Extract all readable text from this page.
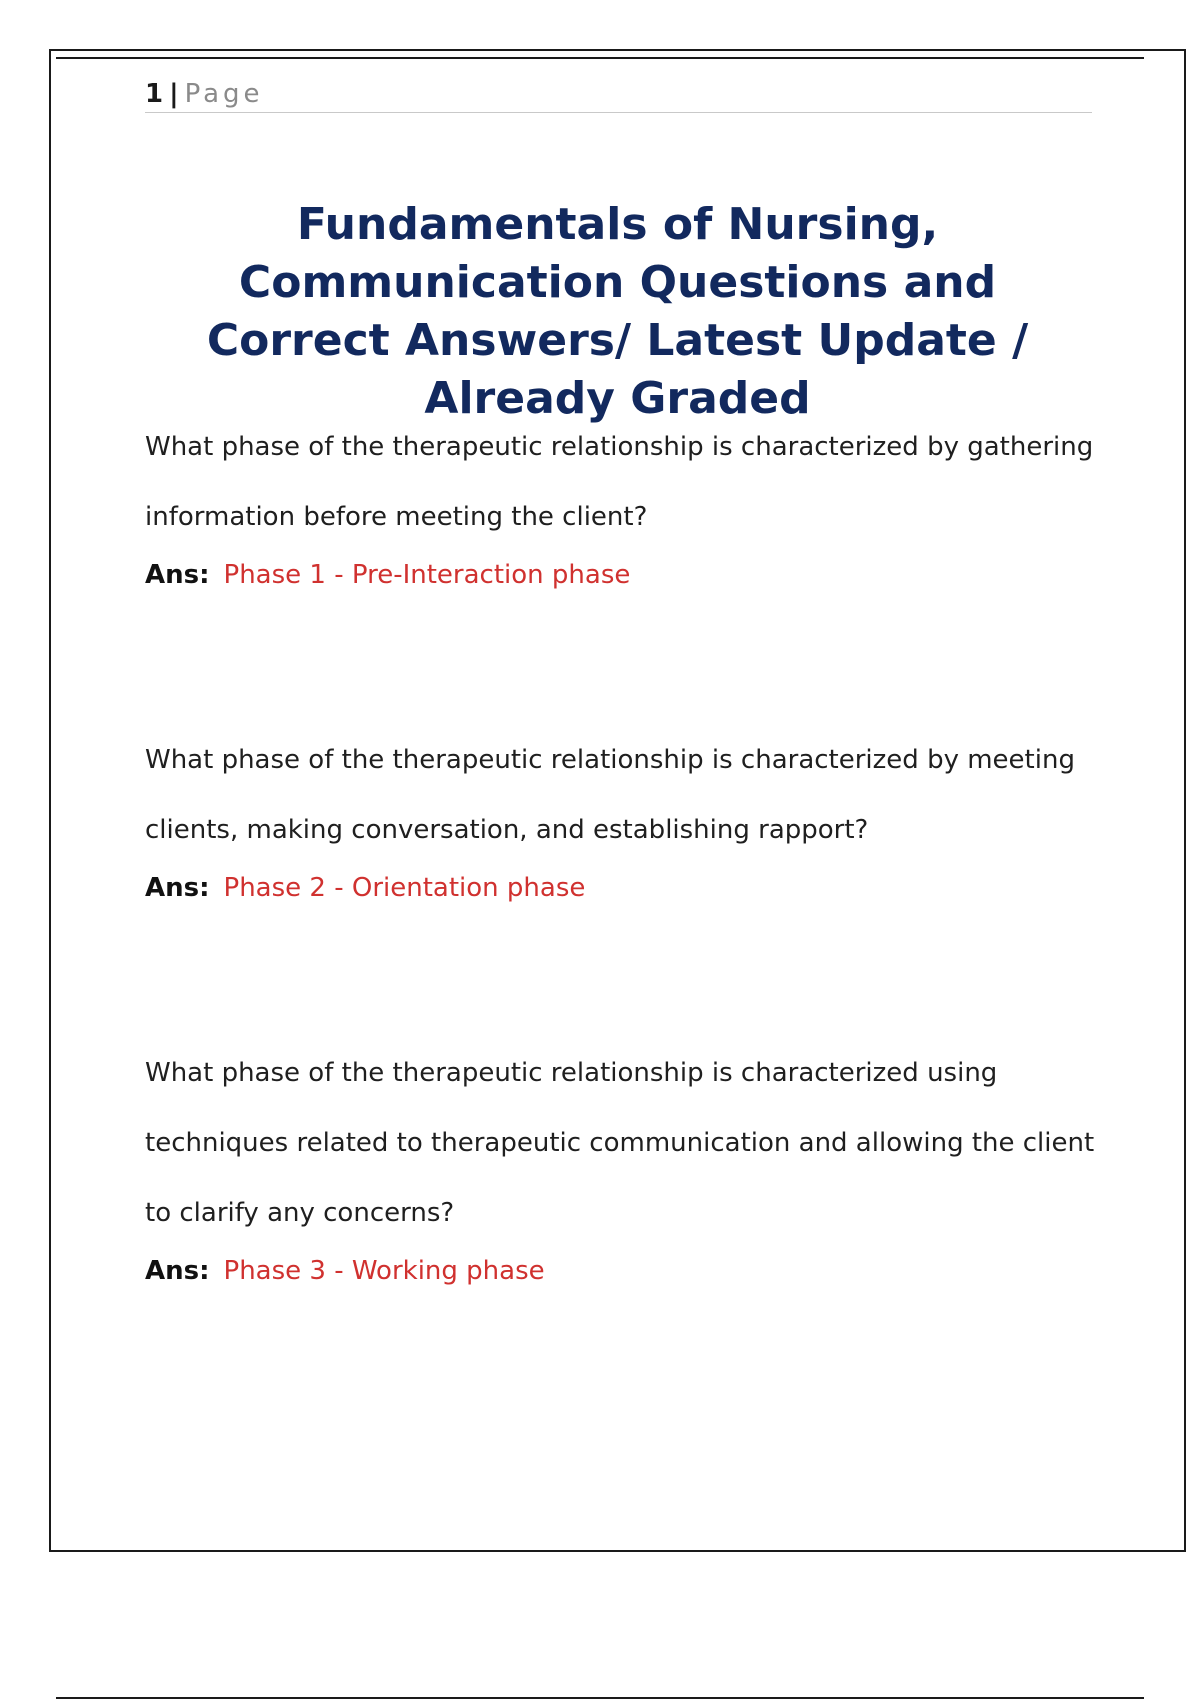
1 | Page
Fundamentals of Nursing, Communication Questions and Correct Answers/ Latest Update / Already Graded

What phase of the therapeutic relationship is characterized by gathering information before meeting the client?

Ans: Phase 1 - Pre-Interaction phase

What phase of the therapeutic relationship is characterized by meeting clients, making conversation, and establishing rapport?

Ans: Phase 2 - Orientation phase

What phase of the therapeutic relationship is characterized using techniques related to therapeutic communication and allowing the client to clarify any concerns?

Ans: Phase 3 - Working phase
